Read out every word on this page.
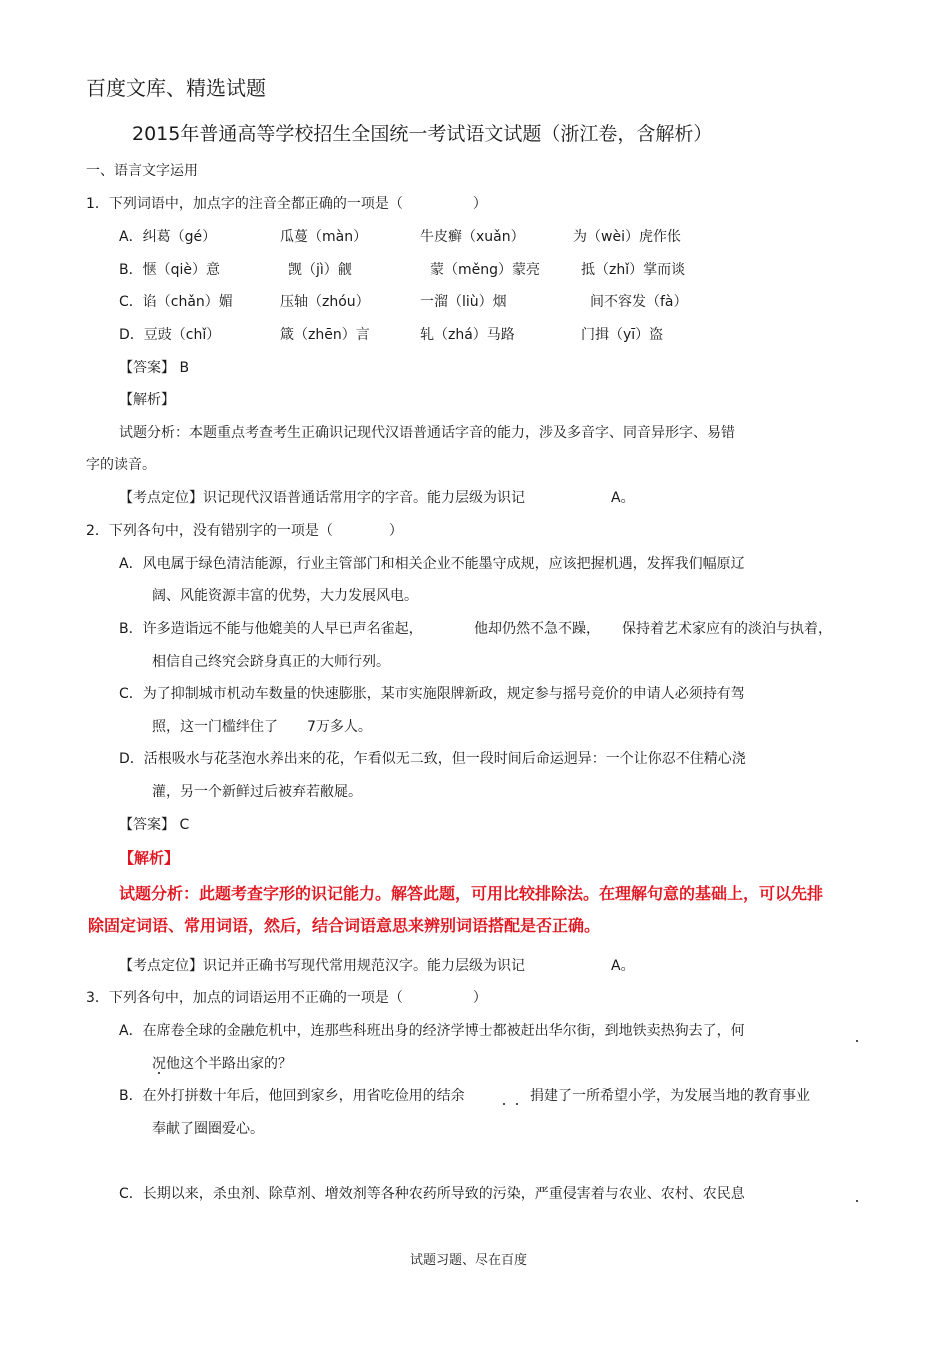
百度文库、精选试题
2015年普通高等学校招生全国统一考试语文试题（浙江卷，含解析）
一、语言文字运用
1．下列词语中，加点字的注音全都正确的一项是（　　　　　）
A．纠葛（gé）	瓜蔓（màn）	牛皮癣（xuǎn）	为（wèi）虎作伥
B．惬（qiè）意	觊（jì）觎	蒙（měng）蒙亮	抵（zhǐ）掌而谈
C．谄（chǎn）媚	压轴（zhóu）	一溜（liù）烟	间不容发（fà）
D．豆豉（chǐ）	箴（zhēn）言	轧（zhá）马路	门揖（yī）盗
【答案】 B
【解析】
试题分析：本题重点考查考生正确识记现代汉语普通话字音的能力，涉及多音字、同音异形字、易错
字的读音。
【考点定位】识记现代汉语普通话常用字的字音。能力层级为识记	A。
2．下列各句中，没有错别字的一项是（　　　　）
A．风电属于绿色清洁能源，行业主管部门和相关企业不能墨守成规，应该把握机遇，发挥我们幅原辽
阔、风能资源丰富的优势，大力发展风电。
B．许多造诣远不能与他媲美的人早已声名雀起，	他却仍然不急不躁， 保持着艺术家应有的淡泊与执着，
相信自己终究会跻身真正的大师行列。
C．为了抑制城市机动车数量的快速膨胀，某市实施限牌新政，规定参与摇号竞价的申请人必须持有驾
照，这一门槛绊住了 7万多人。
D．活根吸水与花茎泡水养出来的花，乍看似无二致，但一段时间后命运迥异：一个让你忍不住精心浇
灌，另一个新鲜过后被弃若敝屣。
【答案】 C
【解析】
试题分析：此题考查字形的识记能力。解答此题，可用比较排除法。在理解句意的基础上，可以先排
除固定词语、常用词语，然后，结合词语意思来辨别词语搭配是否正确。
【考点定位】识记并正确书写现代常用规范汉字。能力层级为识记	A。
3．下列各句中，加点的词语运用不正确的一项是（　　　　　）
A．在席卷全球的金融危机中，连那些科班出身的经济学博士都被赶出华尔街，到地铁卖热狗去了，何
况他这个半路出家的？
B．在外打拼数十年后，他回到家乡，用省吃俭用的结余	捐建了一所希望小学，为发展当地的教育事业
奉献了圈圈爱心。
C．长期以来，杀虫剂、除草剂、增效剂等各种农药所导致的污染，严重侵害着与农业、农村、农民息
试题习题、尽在百度
